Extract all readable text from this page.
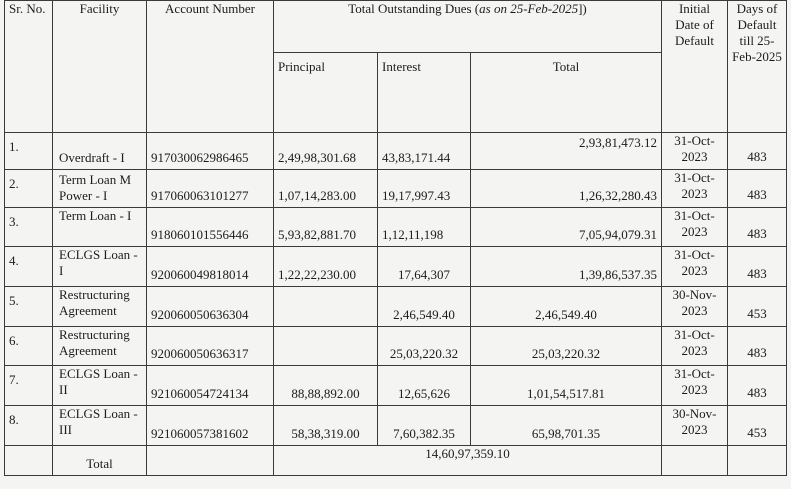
Sr. No.	Facility	Account Number	Total Outstanding Dues (as on 25-Feb-2025])			Initial Date of Default	Days of Default till 25-Feb-2025
			Principal	Interest	Total		
1.	Overdraft - I	917030062986465	2,49,98,301.68	43,83,171.44	2,93,81,473.12	31-Oct-2023	483
2.	Term Loan M Power - I	917060063101277	1,07,14,283.00	19,17,997.43	1,26,32,280.43	31-Oct-2023	483
3.	Term Loan - I	918060101556446	5,93,82,881.70	1,12,11,198	7,05,94,079.31	31-Oct-2023	483
4.	ECLGS Loan - I	920060049818014	1,22,22,230.00	17,64,307	1,39,86,537.35	31-Oct-2023	483
5.	Restructuring Agreement	920060050636304		2,46,549.40	2,46,549.40	30-Nov-2023	453
6.	Restructuring Agreement	920060050636317		25,03,220.32	25,03,220.32	31-Oct-2023	483
7.	ECLGS Loan - II	921060054724134	88,88,892.00	12,65,626	1,01,54,517.81	31-Oct-2023	483
8.	ECLGS Loan - III	921060057381602	58,38,319.00	7,60,382.35	65,98,701.35	30-Nov-2023	453
	Total		14,60,97,359.10				
